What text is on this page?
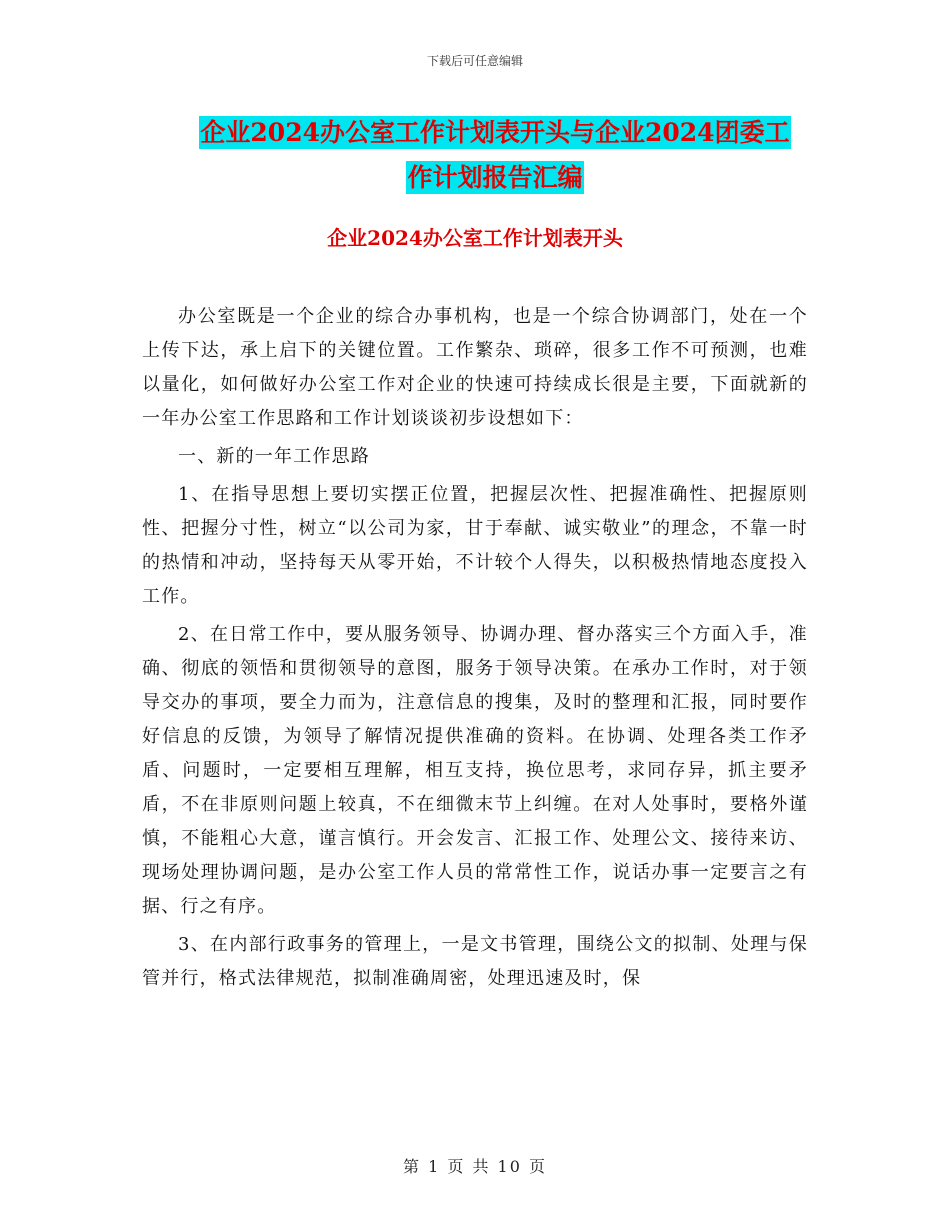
下载后可任意编辑
企业2024办公室工作计划表开头与企业2024团委工
作计划报告汇编
企业2024办公室工作计划表开头

办公室既是一个企业的综合办事机构，也是一个综合协调部门，处在一个上传下达，承上启下的关键位置。工作繁杂、琐碎，很多工作不可预测，也难以量化，如何做好办公室工作对企业的快速可持续成长很是主要，下面就新的一年办公室工作思路和工作计划谈谈初步设想如下：

一、新的一年工作思路

1、在指导思想上要切实摆正位置，把握层次性、把握准确性、把握原则性、把握分寸性，树立“以公司为家，甘于奉献、诚实敬业”的理念，不靠一时的热情和冲动，坚持每天从零开始，不计较个人得失，以积极热情地态度投入工作。

2、在日常工作中，要从服务领导、协调办理、督办落实三个方面入手，准确、彻底的领悟和贯彻领导的意图，服务于领导决策。在承办工作时，对于领导交办的事项，要全力而为，注意信息的搜集，及时的整理和汇报，同时要作好信息的反馈，为领导了解情况提供准确的资料。在协调、处理各类工作矛盾、问题时，一定要相互理解，相互支持，换位思考，求同存异，抓主要矛盾，不在非原则问题上较真，不在细微末节上纠缠。在对人处事时，要格外谨慎，不能粗心大意，谨言慎行。开会发言、汇报工作、处理公文、接待来访、现场处理协调问题，是办公室工作人员的常常性工作，说话办事一定要言之有据、行之有序。

3、在内部行政事务的管理上，一是文书管理，围绕公文的拟制、处理与保管并行，格式法律规范，拟制准确周密，处理迅速及时，保

第 1 页 共 10 页
